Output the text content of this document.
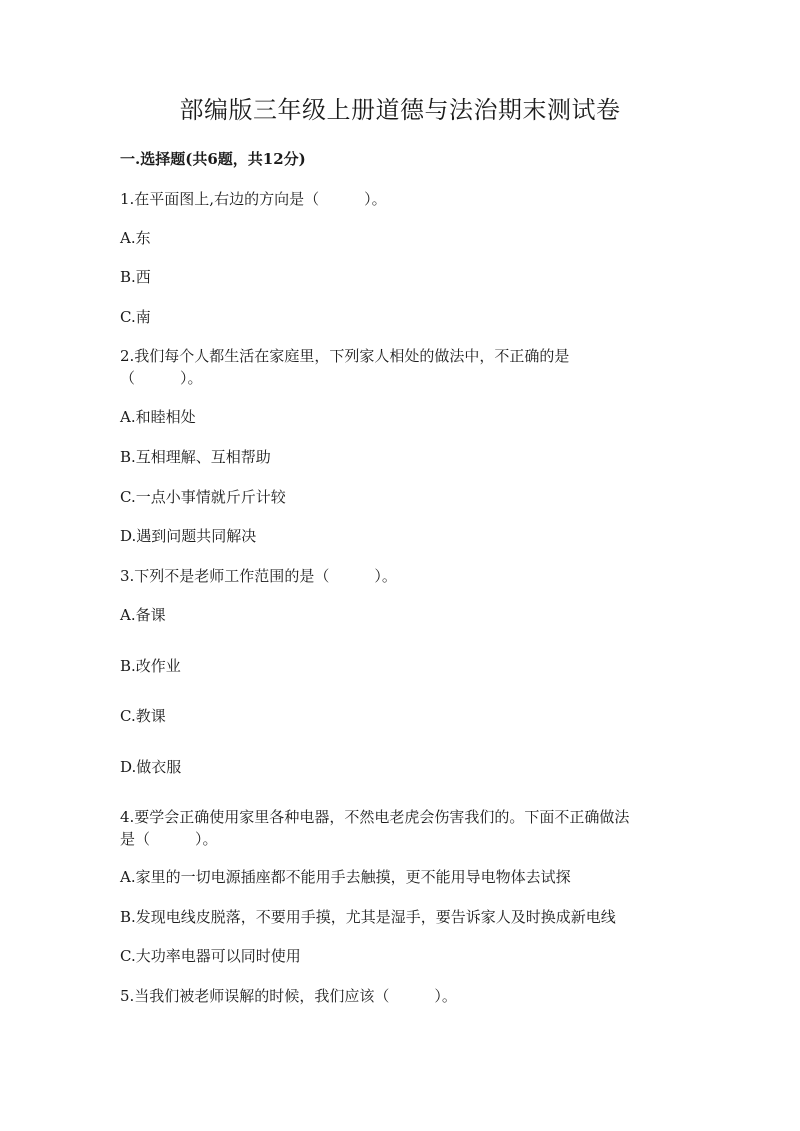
部编版三年级上册道德与法治期末测试卷
一.选择题(共6题，共12分)
1.在平面图上,右边的方向是（　　　）。
A.东
B.西
C.南
2.我们每个人都生活在家庭里，下列家人相处的做法中，不正确的是
（　　　）。
A.和睦相处
B.互相理解、互相帮助
C.一点小事情就斤斤计较
D.遇到问题共同解决
3.下列不是老师工作范围的是（　　　）。
A.备课
B.改作业
C.教课
D.做衣服
4.要学会正确使用家里各种电器，不然电老虎会伤害我们的。下面不正确做法
是（　　　）。
A.家里的一切电源插座都不能用手去触摸，更不能用导电物体去试探
B.发现电线皮脱落，不要用手摸，尤其是湿手，要告诉家人及时换成新电线
C.大功率电器可以同时使用
5.当我们被老师误解的时候，我们应该（　　　）。
